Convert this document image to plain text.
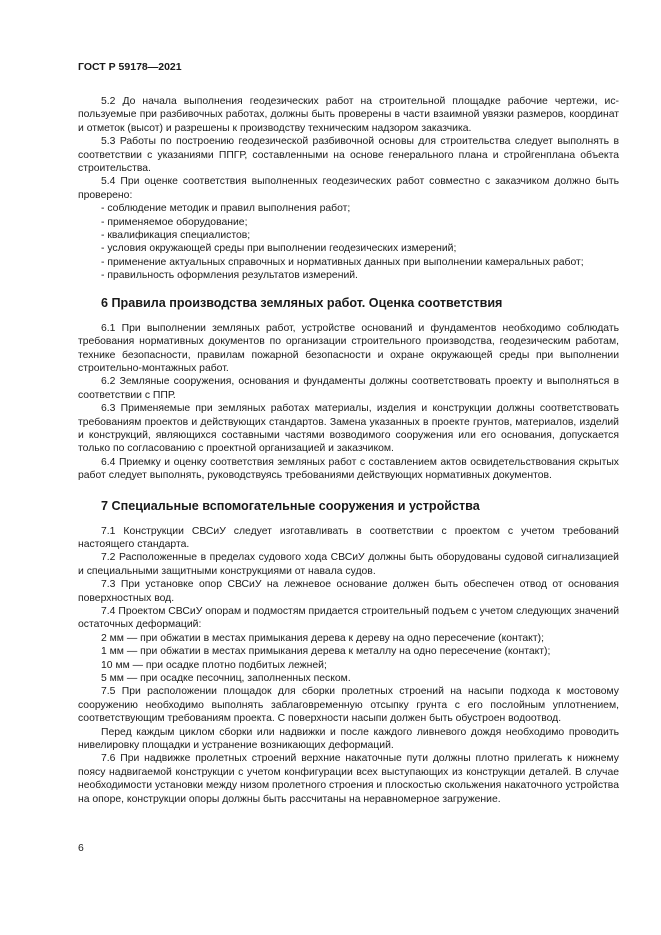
ГОСТ Р 59178—2021

5.2 До начала выполнения геодезических работ на строительной площадке рабочие чертежи, используемые при разбивочных работах, должны быть проверены в части взаимной увязки размеров, координат и отметок (высот) и разрешены к производству техническим надзором заказчика.

5.3 Работы по построению геодезической разбивочной основы для строительства следует выполнять в соответствии с указаниями ППГР, составленными на основе генерального плана и стройгенплана объекта строительства.

5.4 При оценке соответствия выполненных геодезических работ совместно с заказчиком должно быть проверено:

- соблюдение методик и правил выполнения работ;
- применяемое оборудование;
- квалификация специалистов;
- условия окружающей среды при выполнении геодезических измерений;
- применение актуальных справочных и нормативных данных при выполнении камеральных работ;
- правильность оформления результатов измерений.
6 Правила производства земляных работ. Оценка соответствия

6.1 При выполнении земляных работ, устройстве оснований и фундаментов необходимо соблюдать требования нормативных документов по организации строительного производства, геодезическим работам, технике безопасности, правилам пожарной безопасности и охране окружающей среды при выполнении строительно-монтажных работ.

6.2 Земляные сооружения, основания и фундаменты должны соответствовать проекту и выполняться в соответствии с ППР.

6.3 Применяемые при земляных работах материалы, изделия и конструкции должны соответствовать требованиям проектов и действующих стандартов. Замена указанных в проекте грунтов, материалов, изделий и конструкций, являющихся составными частями возводимого сооружения или его основания, допускается только по согласованию с проектной организацией и заказчиком.

6.4 Приемку и оценку соответствия земляных работ с составлением актов освидетельствования скрытых работ следует выполнять, руководствуясь требованиями действующих нормативных документов.

7 Специальные вспомогательные сооружения и устройства

7.1 Конструкции СВСиУ следует изготавливать в соответствии с проектом с учетом требований настоящего стандарта.

7.2 Расположенные в пределах судового хода СВСиУ должны быть оборудованы судовой сигнализацией и специальными защитными конструкциями от навала судов.

7.3 При установке опор СВСиУ на лежневое основание должен быть обеспечен отвод от основания поверхностных вод.

7.4 Проектом СВСиУ опорам и подмостям придается строительный подъем с учетом следующих значений остаточных деформаций:

2 мм — при обжатии в местах примыкания дерева к дереву на одно пересечение (контакт);

1 мм — при обжатии в местах примыкания дерева к металлу на одно пересечение (контакт);

10 мм — при осадке плотно подбитых лежней;

5 мм — при осадке песочниц, заполненных песком.

7.5 При расположении площадок для сборки пролетных строений на насыпи подхода к мостовому сооружению необходимо выполнять заблаговременную отсыпку грунта с его послойным уплотнением, соответствующим требованиям проекта. С поверхности насыпи должен быть обустроен водоотвод.

Перед каждым циклом сборки или надвижки и после каждого ливневого дождя необходимо проводить нивелировку площадки и устранение возникающих деформаций.

7.6 При надвижке пролетных строений верхние накаточные пути должны плотно прилегать к нижнему поясу надвигаемой конструкции с учетом конфигурации всех выступающих из конструкции деталей. В случае необходимости установки между низом пролетного строения и плоскостью скольжения накаточного устройства на опоре, конструкции опоры должны быть рассчитаны на неравномерное загружение.

6
